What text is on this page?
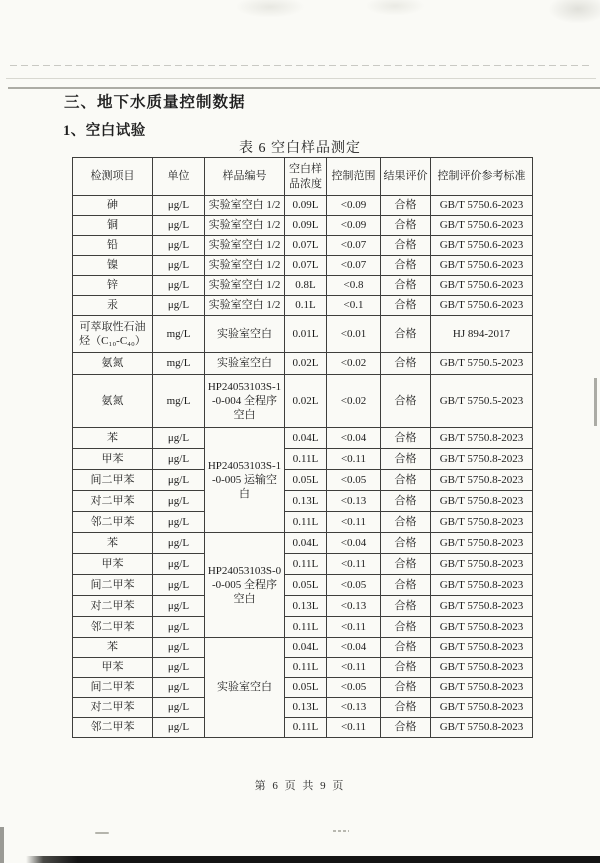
三、地下水质量控制数据
1、空白试验
表 6 空白样品测定
检测项目	单位	样品编号	空白样品浓度	控制范围	结果评价	控制评价参考标准
砷	μg/L	实验室空白 1/2	0.09L	<0.09	合格	GB/T 5750.6-2023
铜	μg/L	实验室空白 1/2	0.09L	<0.09	合格	GB/T 5750.6-2023
铅	μg/L	实验室空白 1/2	0.07L	<0.07	合格	GB/T 5750.6-2023
镍	μg/L	实验室空白 1/2	0.07L	<0.07	合格	GB/T 5750.6-2023
锌	μg/L	实验室空白 1/2	0.8L	<0.8	合格	GB/T 5750.6-2023
汞	μg/L	实验室空白 1/2	0.1L	<0.1	合格	GB/T 5750.6-2023
可萃取性石油烃（C₁₀-C₄₀）	mg/L	实验室空白	0.01L	<0.01	合格	HJ 894-2017
氨氮	mg/L	实验室空白	0.02L	<0.02	合格	GB/T 5750.5-2023
氨氮	mg/L	HP24053103S-1-0-004 全程序空白	0.02L	<0.02	合格	GB/T 5750.5-2023
苯	μg/L	HP24053103S-1-0-005 运输空白	0.04L	<0.04	合格	GB/T 5750.8-2023
甲苯	μg/L		0.11L	<0.11	合格	GB/T 5750.8-2023
间二甲苯	μg/L		0.05L	<0.05	合格	GB/T 5750.8-2023
对二甲苯	μg/L		0.13L	<0.13	合格	GB/T 5750.8-2023
邻二甲苯	μg/L		0.11L	<0.11	合格	GB/T 5750.8-2023
苯	μg/L	HP24053103S-0-0-005 全程序空白	0.04L	<0.04	合格	GB/T 5750.8-2023
甲苯	μg/L		0.11L	<0.11	合格	GB/T 5750.8-2023
间二甲苯	μg/L		0.05L	<0.05	合格	GB/T 5750.8-2023
对二甲苯	μg/L		0.13L	<0.13	合格	GB/T 5750.8-2023
邻二甲苯	μg/L		0.11L	<0.11	合格	GB/T 5750.8-2023
苯	μg/L	实验室空白	0.04L	<0.04	合格	GB/T 5750.8-2023
甲苯	μg/L		0.11L	<0.11	合格	GB/T 5750.8-2023
间二甲苯	μg/L		0.05L	<0.05	合格	GB/T 5750.8-2023
对二甲苯	μg/L		0.13L	<0.13	合格	GB/T 5750.8-2023
邻二甲苯	μg/L		0.11L	<0.11	合格	GB/T 5750.8-2023
第 6 页 共 9 页
